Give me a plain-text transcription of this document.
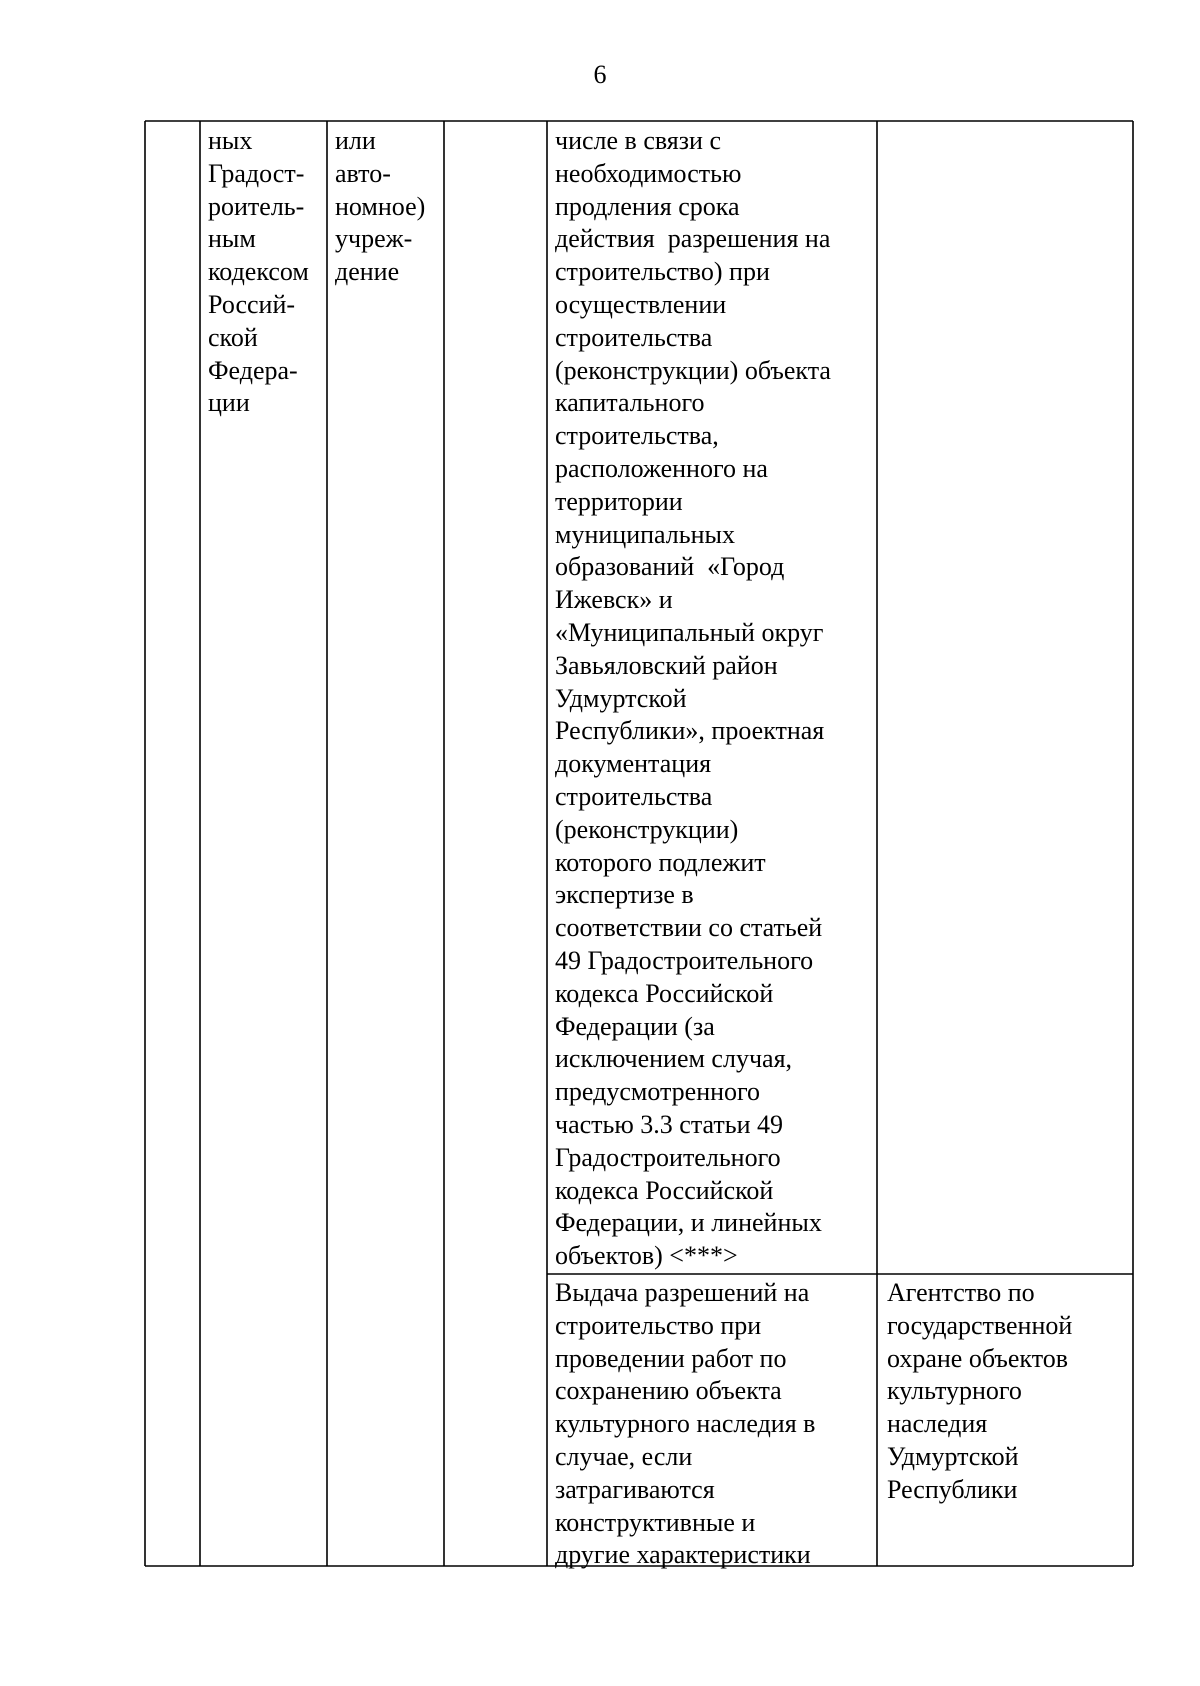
6
ных
Градост-
роитель-
ным
кодексом
Россий-
ской
Федера-
ции
или
авто-
номное)
учреж-
дение
числе в связи с
необходимостью
продления срока
действия  разрешения на
строительство) при
осуществлении
строительства
(реконструкции) объекта
капитального
строительства,
расположенного на
территории
муниципальных
образований  «Город
Ижевск» и
«Муниципальный округ
Завьяловский район
Удмуртской
Республики», проектная
документация
строительства
(реконструкции)
которого подлежит
экспертизе в
соответствии со статьей
49 Градостроительного
кодекса Российской
Федерации (за
исключением случая,
предусмотренного
частью 3.3 статьи 49
Градостроительного
кодекса Российской
Федерации, и линейных
объектов) <***>
Выдача разрешений на
строительство при
проведении работ по
сохранению объекта
культурного наследия в
случае, если
затрагиваются
конструктивные и
другие характеристики
Агентство по
государственной
охране объектов
культурного
наследия
Удмуртской
Республики
